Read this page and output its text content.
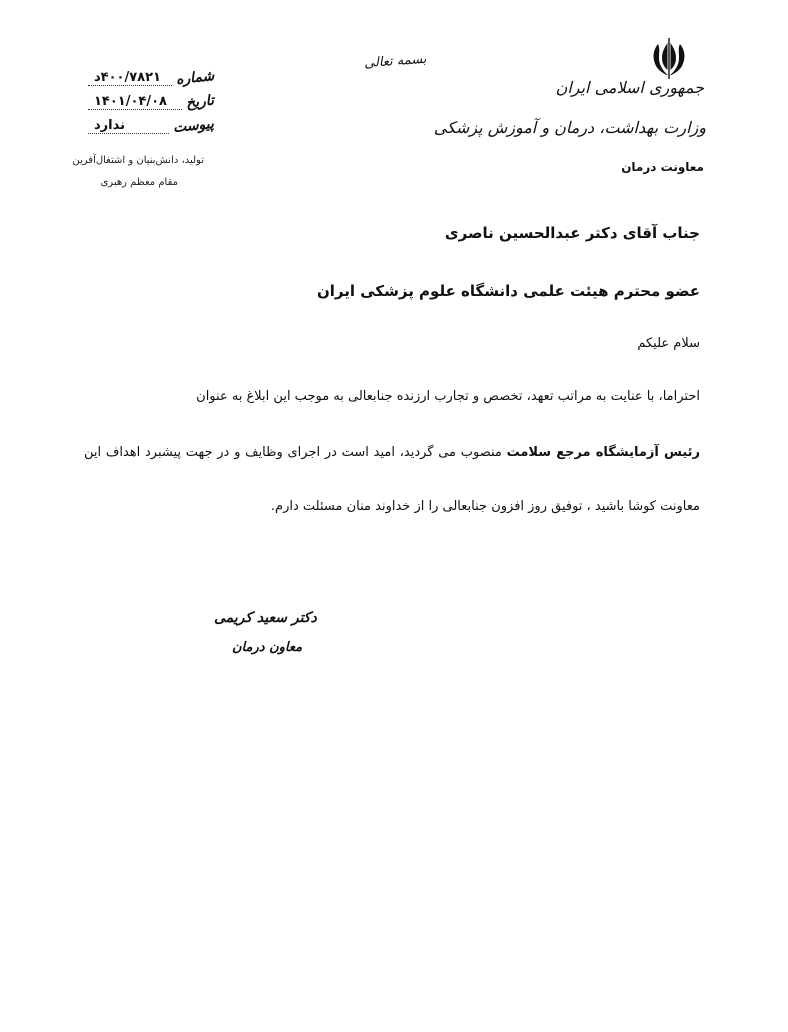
جمهوری اسلامی ایران
وزارت بهداشت، درمان و آموزش پزشکی
معاونت درمان
بسمه تعالی
شماره
۴۰۰/۷۸۲۱د
تاریخ
۱۴۰۱/۰۴/۰۸
پیوست
ندارد
تولید، دانش‌بنیان و اشتغال‌آفرین
مقام معظم رهبری
جناب آقای دکتر عبدالحسین ناصری
عضو محترم هیئت علمی دانشگاه علوم پزشکی ایران
سلام علیکم
احتراما، با عنایت به مراتب تعهد، تخصص و تجارب ارزنده جنابعالی به موجب این ابلاغ به عنوان
رئیس آزمایشگاه مرجع سلامت منصوب می گردید، امید است در اجرای وظایف و در جهت پیشبرد اهداف این
معاونت کوشا باشید ، توفیق روز افزون جنابعالی را از خداوند منان مسئلت دارم.
دکتر سعید کریمی
معاون درمان
